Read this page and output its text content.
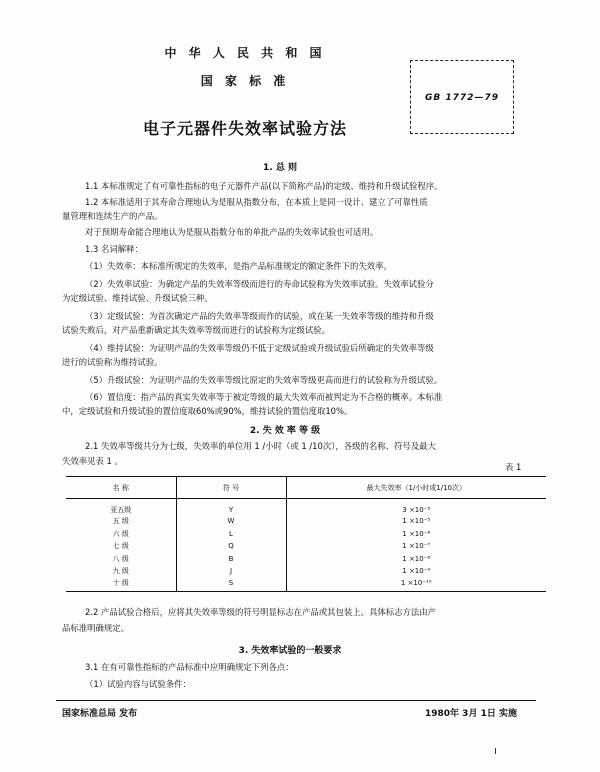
中 华 人 民 共 和 国
国 家 标 准
电子元器件失效率试验方法
GB 1772—79
1. 总 则
1.1 本标准规定了有可靠性指标的电子元器件产品(以下简称产品)的定级、维持和升级试验程序。
1.2 本标准适用于其寿命合理地认为是服从指数分布，在本质上是同一设计、建立了可靠性质
量管理和连续生产的产品。
对于预期寿命能合理地认为是服从指数分布的单批产品的失效率试验也可适用。
1.3 名词解释：
（1）失效率：本标准所规定的失效率，是指产品标准规定的额定条件下的失效率。
（2）失效率试验：为确定产品的失效率等级而进行的寿命试验称为失效率试验。失效率试验分
为定级试验、维持试验、升级试验三种。
（3）定级试验：为首次确定产品的失效率等级而作的试验，或在某一失效率等级的维持和升级
试验失败后，对产品重新确定其失效率等级而进行的试验称为定级试验。
（4）维持试验：为证明产品的失效率等级仍不低于定级试验或升级试验后所确定的失效率等级
进行的试验称为维持试验。
（5）升级试验：为证明产品的失效率等级比原定的失效率等级更高而进行的试验称为升级试验。
（6）置信度：指产品的真实失效率等于被定等级的最大失效率而被判定为不合格的概率。本标准
中，定级试验和升级试验的置信度取60%或90%，维持试验的置信度取10%。
2. 失 效 率 等 级
2.1 失效率等级共分为七级，失效率的单位用 1 /小时（或 1 /10次），各级的名称、符号及最大
失效率见表 1 。
表 1
名 称	符 号	最大失效率（1/小时或1/10次）
亚五级	Y	3 ×10⁻⁵
五 级	W	1 ×10⁻⁵
六 级	L	1 ×10⁻⁶
七 级	Q	1 ×10⁻⁷
八 级	B	1 ×10⁻⁸
九 级	J	1 ×10⁻⁹
十 级	S	1 ×10⁻¹⁰
2.2 产品试验合格后，应将其失效率等级的符号明显标志在产品或其包装上。具体标志方法由产
品标准明确规定。
3. 失效率试验的一般要求
3.1 在有可靠性指标的产品标准中应明确规定下列各点：
（1）试验内容与试验条件：
国家标准总局 发布	1980年 3月 1日 实施
